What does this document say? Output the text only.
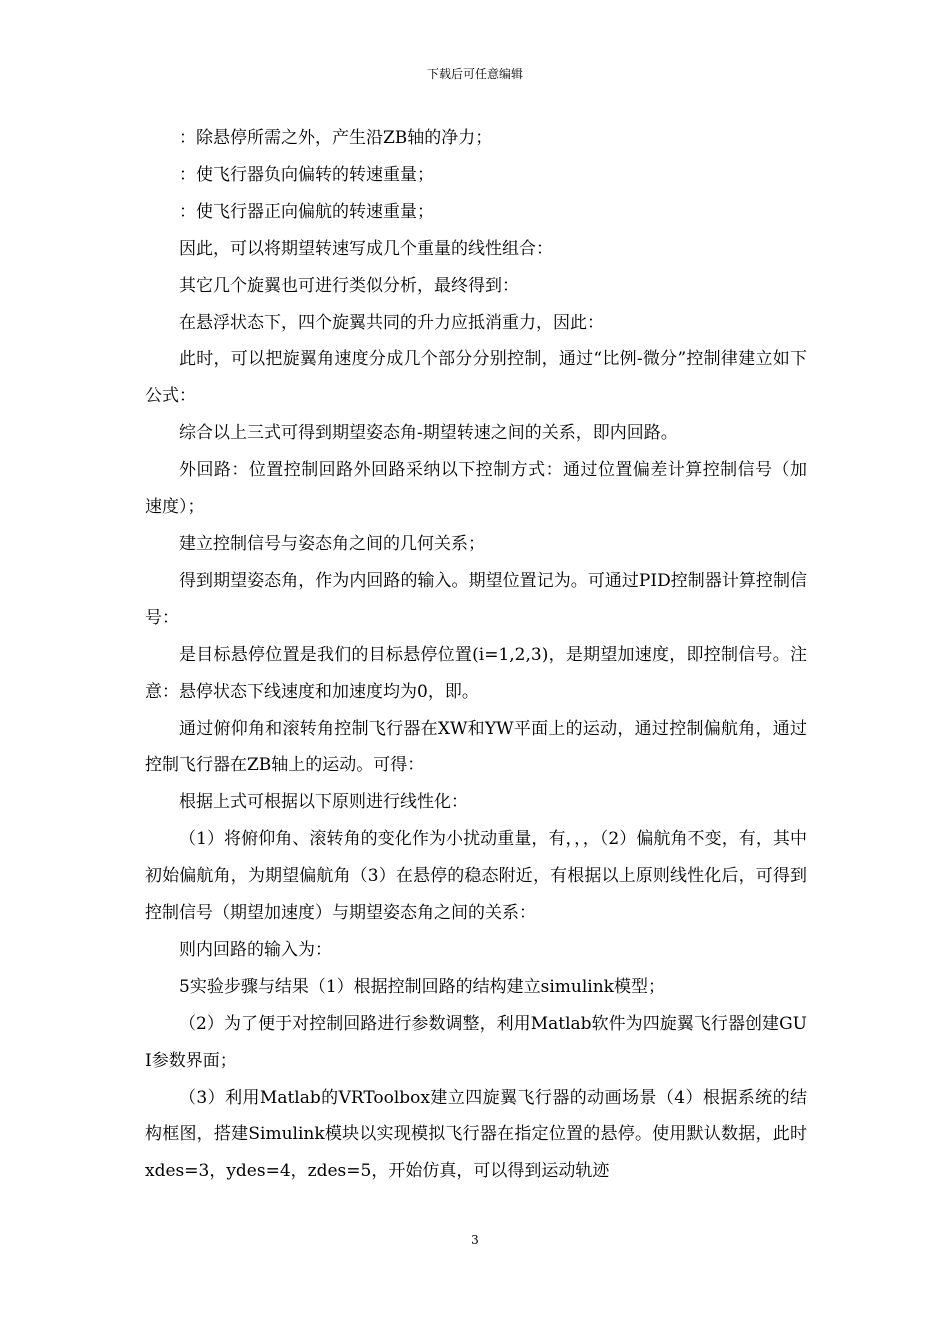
下载后可任意编辑

：除悬停所需之外，产生沿ZB轴的净力；

：使飞行器负向偏转的转速重量；

：使飞行器正向偏航的转速重量；

因此，可以将期望转速写成几个重量的线性组合：

其它几个旋翼也可进行类似分析，最终得到：

在悬浮状态下，四个旋翼共同的升力应抵消重力，因此：

此时，可以把旋翼角速度分成几个部分分别控制，通过“比例-微分”控制律建立如下公式：

综合以上三式可得到期望姿态角-期望转速之间的关系，即内回路。

外回路：位置控制回路外回路采纳以下控制方式：通过位置偏差计算控制信号（加速度）；

建立控制信号与姿态角之间的几何关系；

得到期望姿态角，作为内回路的输入。期望位置记为。可通过PID控制器计算控制信号：

是目标悬停位置是我们的目标悬停位置(i=1,2,3)，是期望加速度，即控制信号。注意：悬停状态下线速度和加速度均为0，即。

通过俯仰角和滚转角控制飞行器在XW和YW平面上的运动，通过控制偏航角，通过控制飞行器在ZB轴上的运动。可得：

根据上式可根据以下原则进行线性化：

（1）将俯仰角、滚转角的变化作为小扰动重量，有，，，（2）偏航角不变，有，其中初始偏航角，为期望偏航角（3）在悬停的稳态附近，有根据以上原则线性化后，可得到控制信号（期望加速度）与期望姿态角之间的关系：

则内回路的输入为：

5实验步骤与结果（1）根据控制回路的结构建立simulink模型；

（2）为了便于对控制回路进行参数调整，利用Matlab软件为四旋翼飞行器创建GUI参数界面；

（3）利用Matlab的VRToolbox建立四旋翼飞行器的动画场景（4）根据系统的结构框图，搭建Simulink模块以实现模拟飞行器在指定位置的悬停。使用默认数据，此时xdes=3，ydes=4，zdes=5，开始仿真，可以得到运动轨迹

3
